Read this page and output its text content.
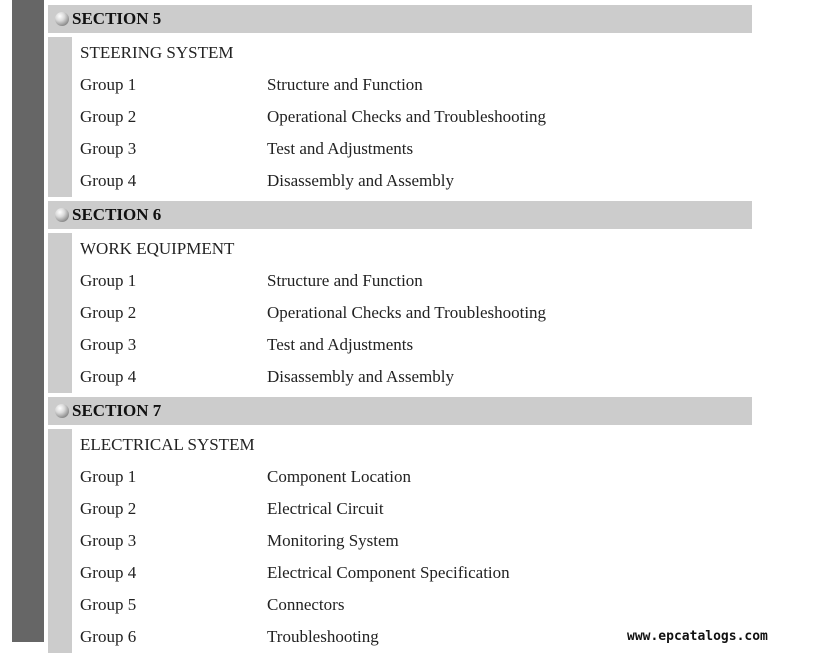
SECTION 5
STEERING SYSTEM
Group 1	Structure and Function
Group 2	Operational Checks and Troubleshooting
Group 3	Test and Adjustments
Group 4	Disassembly and Assembly
SECTION 6
WORK EQUIPMENT
Group 1	Structure and Function
Group 2	Operational Checks and Troubleshooting
Group 3	Test and Adjustments
Group 4	Disassembly and Assembly
SECTION 7
ELECTRICAL SYSTEM
Group 1	Component Location
Group 2	Electrical Circuit
Group 3	Monitoring System
Group 4	Electrical Component Specification
Group 5	Connectors
Group 6	Troubleshooting	www.epcatalogs.com
